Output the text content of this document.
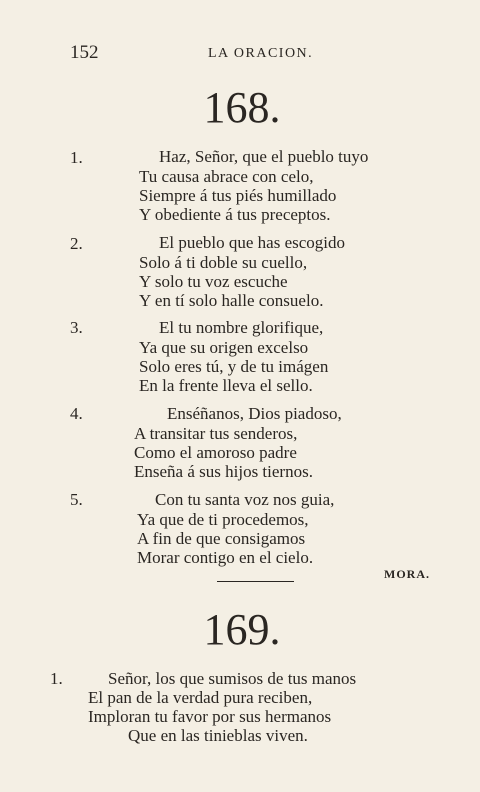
152	LA ORACION.
168.
1.	Haz, Señor, que el pueblo tuyo
Tu causa abrace con celo,
Siempre á tus piés humillado
Y obediente á tus preceptos.
2.	El pueblo que has escogido
Solo á ti doble su cuello,
Y solo tu voz escuche
Y en tí solo halle consuelo.
3.	El tu nombre glorifique,
Ya que su origen excelso
Solo eres tú, y de tu imágen
En la frente lleva el sello.
4.	Enséñanos, Dios piadoso,
A transitar tus senderos,
Como el amoroso padre
Enseña á sus hijos tiernos.
5.	Con tu santa voz nos guia,
Ya que de ti procedemos,
A fin de que consigamos
Morar contigo en el cielo.
MORA.
169.
1.	Señor, los que sumisos de tus manos
El pan de la verdad pura reciben,
Imploran tu favor por sus hermanos
Que en las tinieblas viven.
